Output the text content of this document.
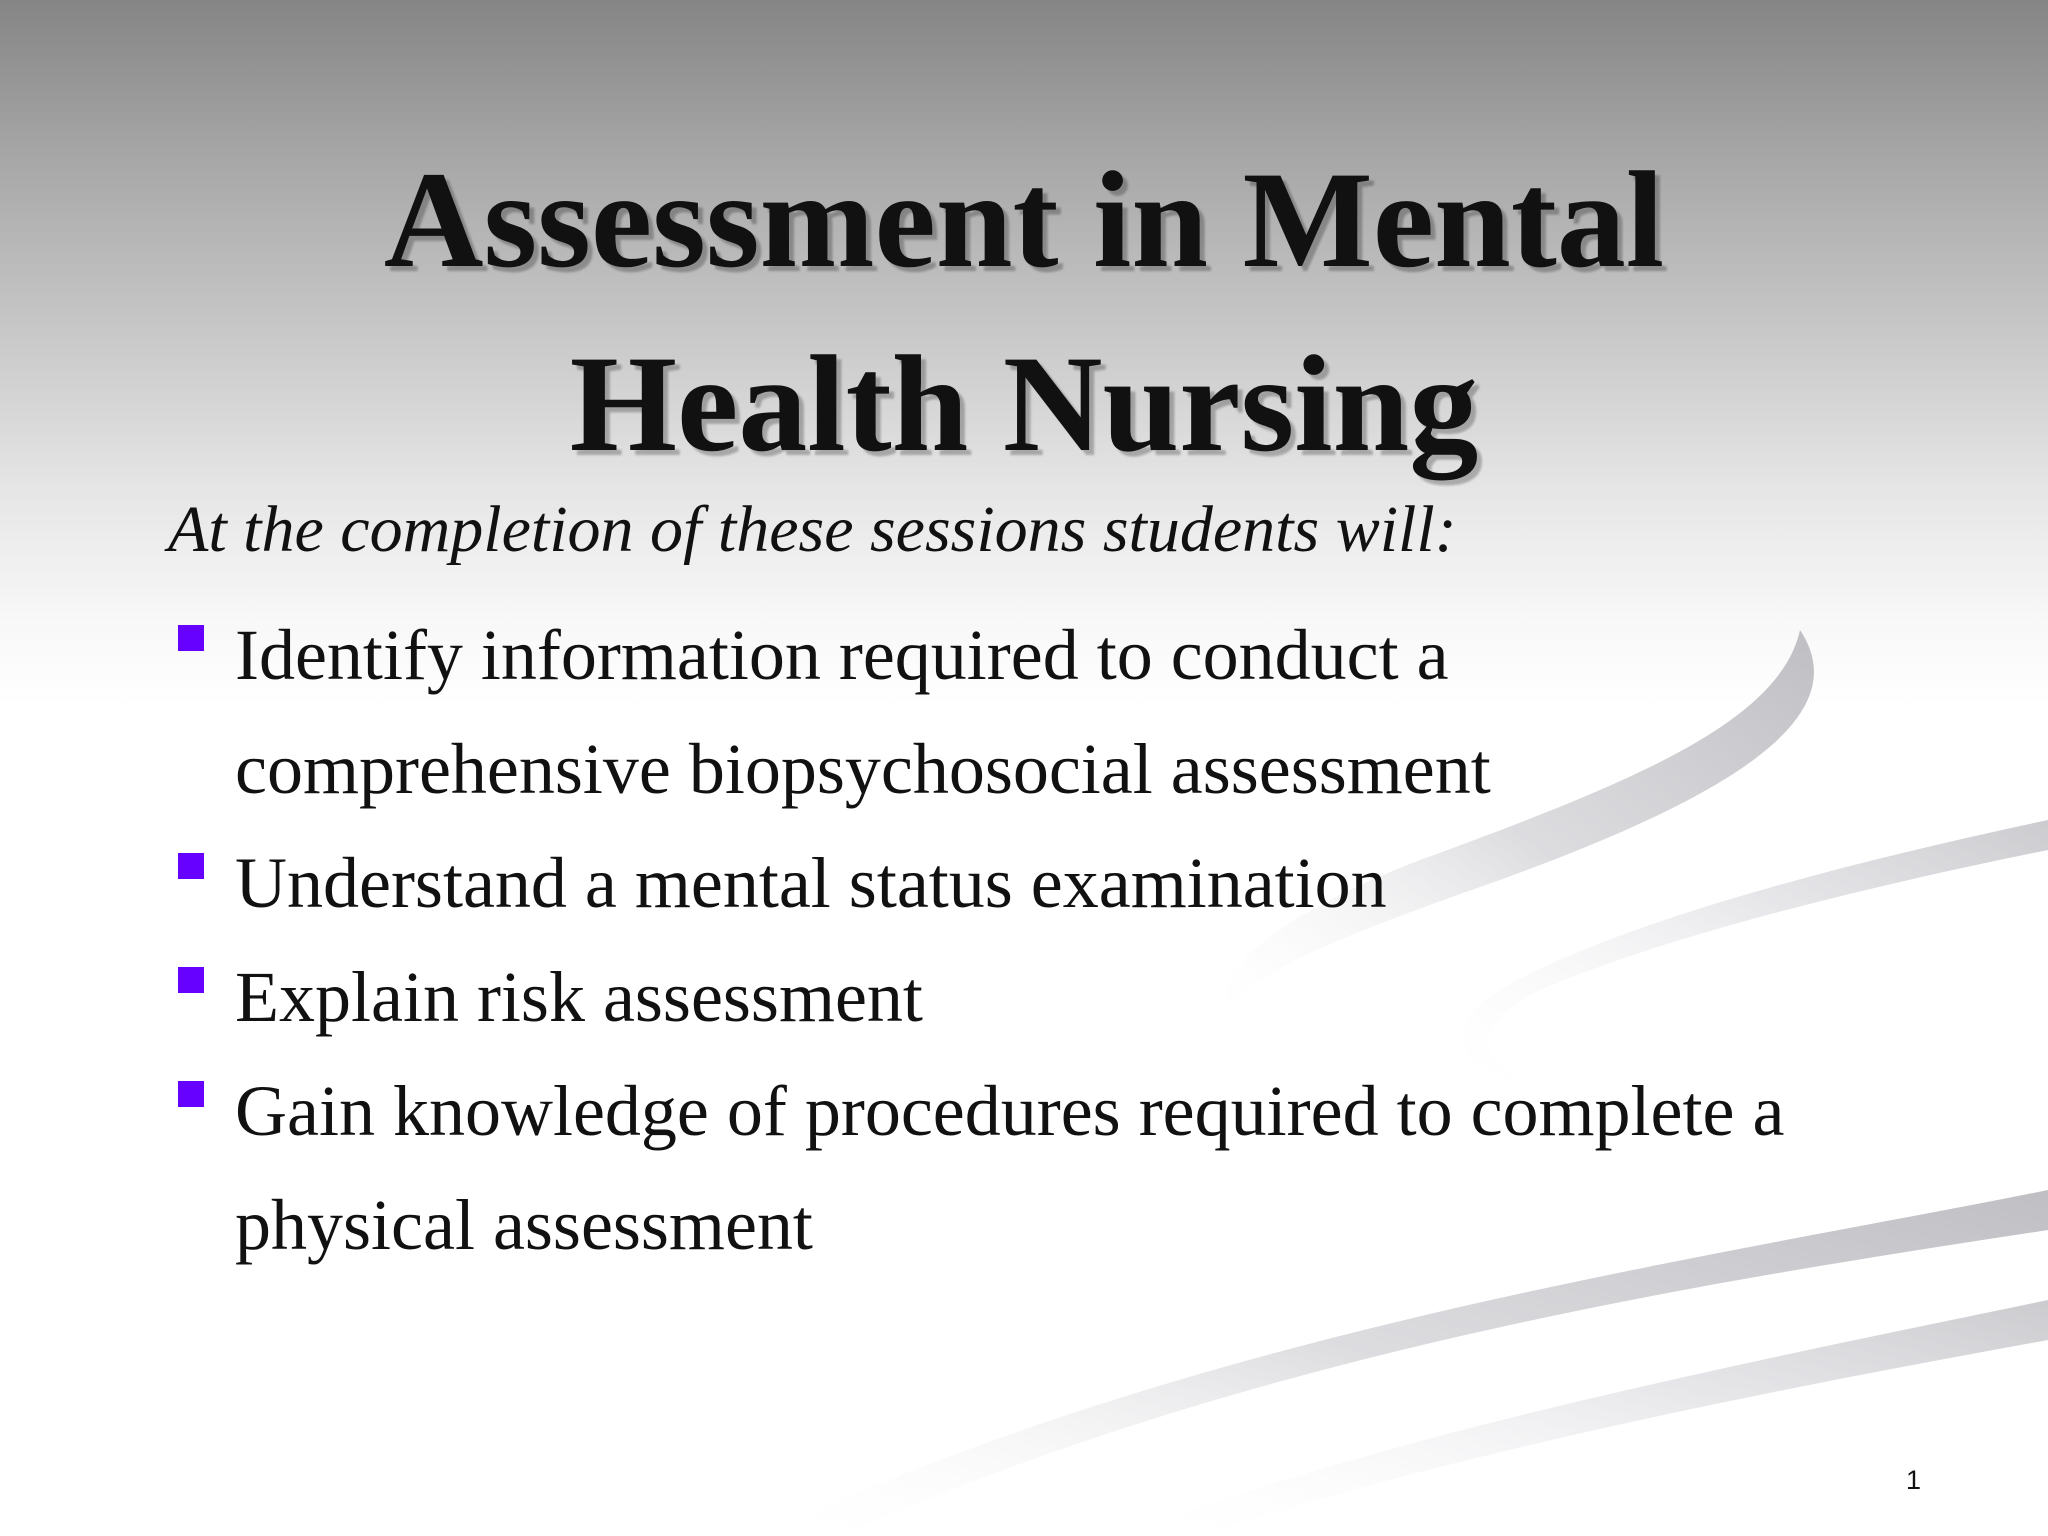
Assessment in Mental
Health Nursing
At the completion of these sessions students will:
Identify information required to conduct a comprehensive biopsychosocial assessment
Understand a mental status examination
Explain risk assessment
Gain knowledge of procedures required to complete a physical assessment
1
